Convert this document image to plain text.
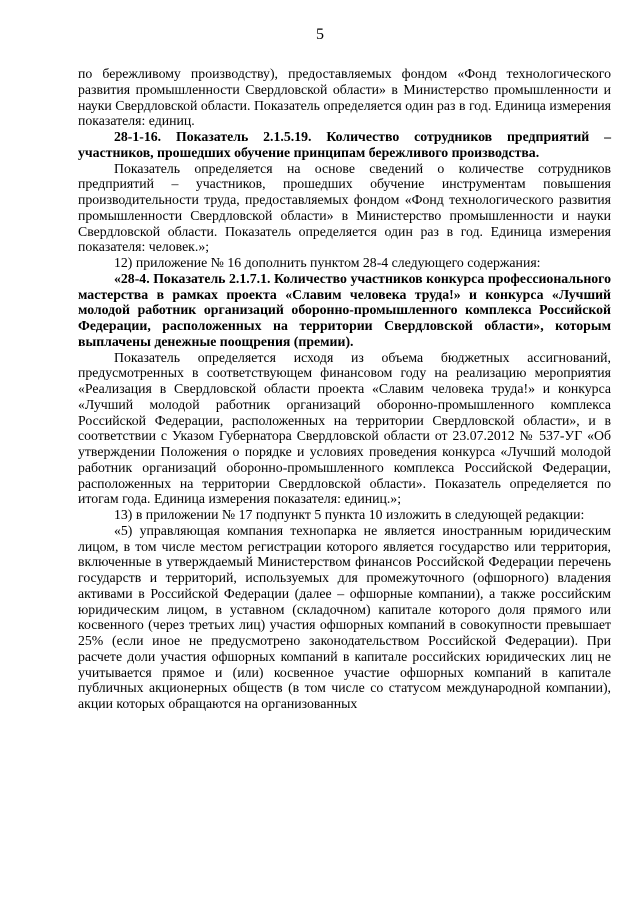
5

по бережливому производству), предоставляемых фондом «Фонд технологического развития промышленности Свердловской области» в Министерство промышленности и науки Свердловской области. Показатель определяется один раз в год. Единица измерения показателя: единиц.

28-1-16. Показатель 2.1.5.19. Количество сотрудников предприятий – участников, прошедших обучение принципам бережливого производства.

Показатель определяется на основе сведений о количестве сотрудников предприятий – участников, прошедших обучение инструментам повышения производительности труда, предоставляемых фондом «Фонд технологического развития промышленности Свердловской области» в Министерство промышленности и науки Свердловской области. Показатель определяется один раз в год. Единица измерения показателя: человек.»;

12) приложение № 16 дополнить пунктом 28-4 следующего содержания:

«28-4. Показатель 2.1.7.1. Количество участников конкурса профессионального мастерства в рамках проекта «Славим человека труда!» и конкурса «Лучший молодой работник организаций оборонно-промышленного комплекса Российской Федерации, расположенных на территории Свердловской области», которым выплачены денежные поощрения (премии).

Показатель определяется исходя из объема бюджетных ассигнований, предусмотренных в соответствующем финансовом году на реализацию мероприятия «Реализация в Свердловской области проекта «Славим человека труда!» и конкурса «Лучший молодой работник организаций оборонно-промышленного комплекса Российской Федерации, расположенных на территории Свердловской области», и в соответствии с Указом Губернатора Свердловской области от 23.07.2012 № 537-УГ «Об утверждении Положения о порядке и условиях проведения конкурса «Лучший молодой работник организаций оборонно-промышленного комплекса Российской Федерации, расположенных на территории Свердловской области». Показатель определяется по итогам года. Единица измерения показателя: единиц.»;

13) в приложении № 17 подпункт 5 пункта 10 изложить в следующей редакции:

«5) управляющая компания технопарка не является иностранным юридическим лицом, в том числе местом регистрации которого является государство или территория, включенные в утверждаемый Министерством финансов Российской Федерации перечень государств и территорий, используемых для промежуточного (офшорного) владения активами в Российской Федерации (далее – офшорные компании), а также российским юридическим лицом, в уставном (складочном) капитале которого доля прямого или косвенного (через третьих лиц) участия офшорных компаний в совокупности превышает 25% (если иное не предусмотрено законодательством Российской Федерации). При расчете доли участия офшорных компаний в капитале российских юридических лиц не учитывается прямое и (или) косвенное участие офшорных компаний в капитале публичных акционерных обществ (в том числе со статусом международной компании), акции которых обращаются на организованных
